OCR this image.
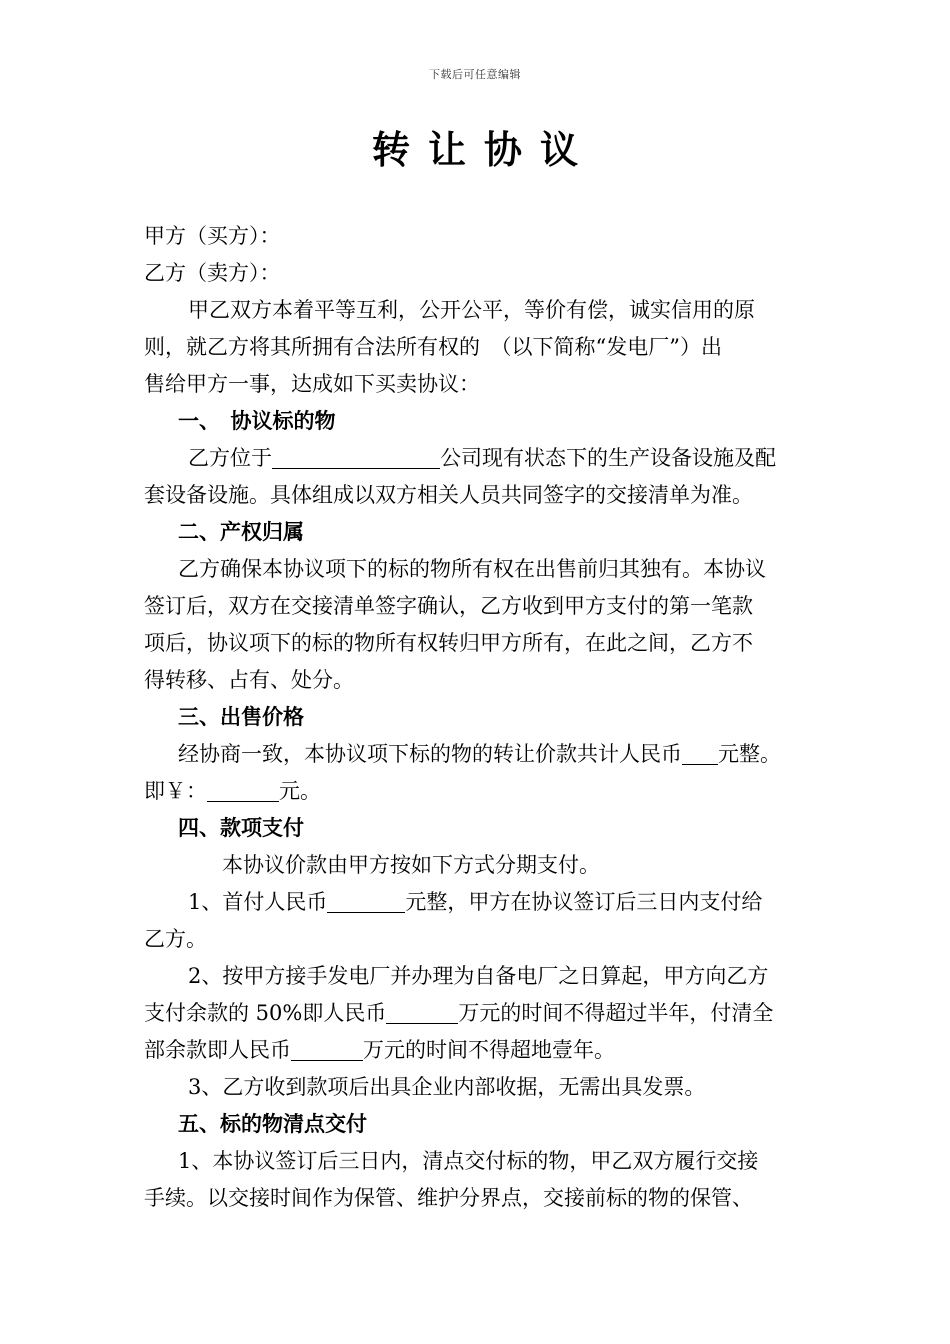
下载后可任意编辑
转让协议

甲方（买方）：

乙方（卖方）：

甲乙双方本着平等互利，公开公平，等价有偿，诚实信用的原

则，就乙方将其所拥有合法所有权的　（以下简称“发电厂”）出

售给甲方一事，达成如下买卖协议：

一、　协议标的物

乙方位于	公司现有状态下的生产设备设施及配

套设备设施。具体组成以双方相关人员共同签字的交接清单为准。

二、产权归属

乙方确保本协议项下的标的物所有权在出售前归其独有。本协议

签订后，双方在交接清单签字确认，乙方收到甲方支付的第一笔款

项后，协议项下的标的物所有权转归甲方所有，在此之间，乙方不

得转移、占有、处分。

三、出售价格

经协商一致，本协议项下标的物的转让价款共计人民币 元整。

即￥：	元。

四、款项支付

本协议价款由甲方按如下方式分期支付。

1、首付人民币	元整，甲方在协议签订后三日内支付给

乙方。

2、按甲方接手发电厂并办理为自备电厂之日算起，甲方向乙方

支付余款的 50%即人民币	万元的时间不得超过半年，付清全

部余款即人民币	万元的时间不得超地壹年。

3、乙方收到款项后出具企业内部收据，无需出具发票。

五、标的物清点交付

1、本协议签订后三日内，清点交付标的物，甲乙双方履行交接

手续。以交接时间作为保管、维护分界点，交接前标的物的保管、
